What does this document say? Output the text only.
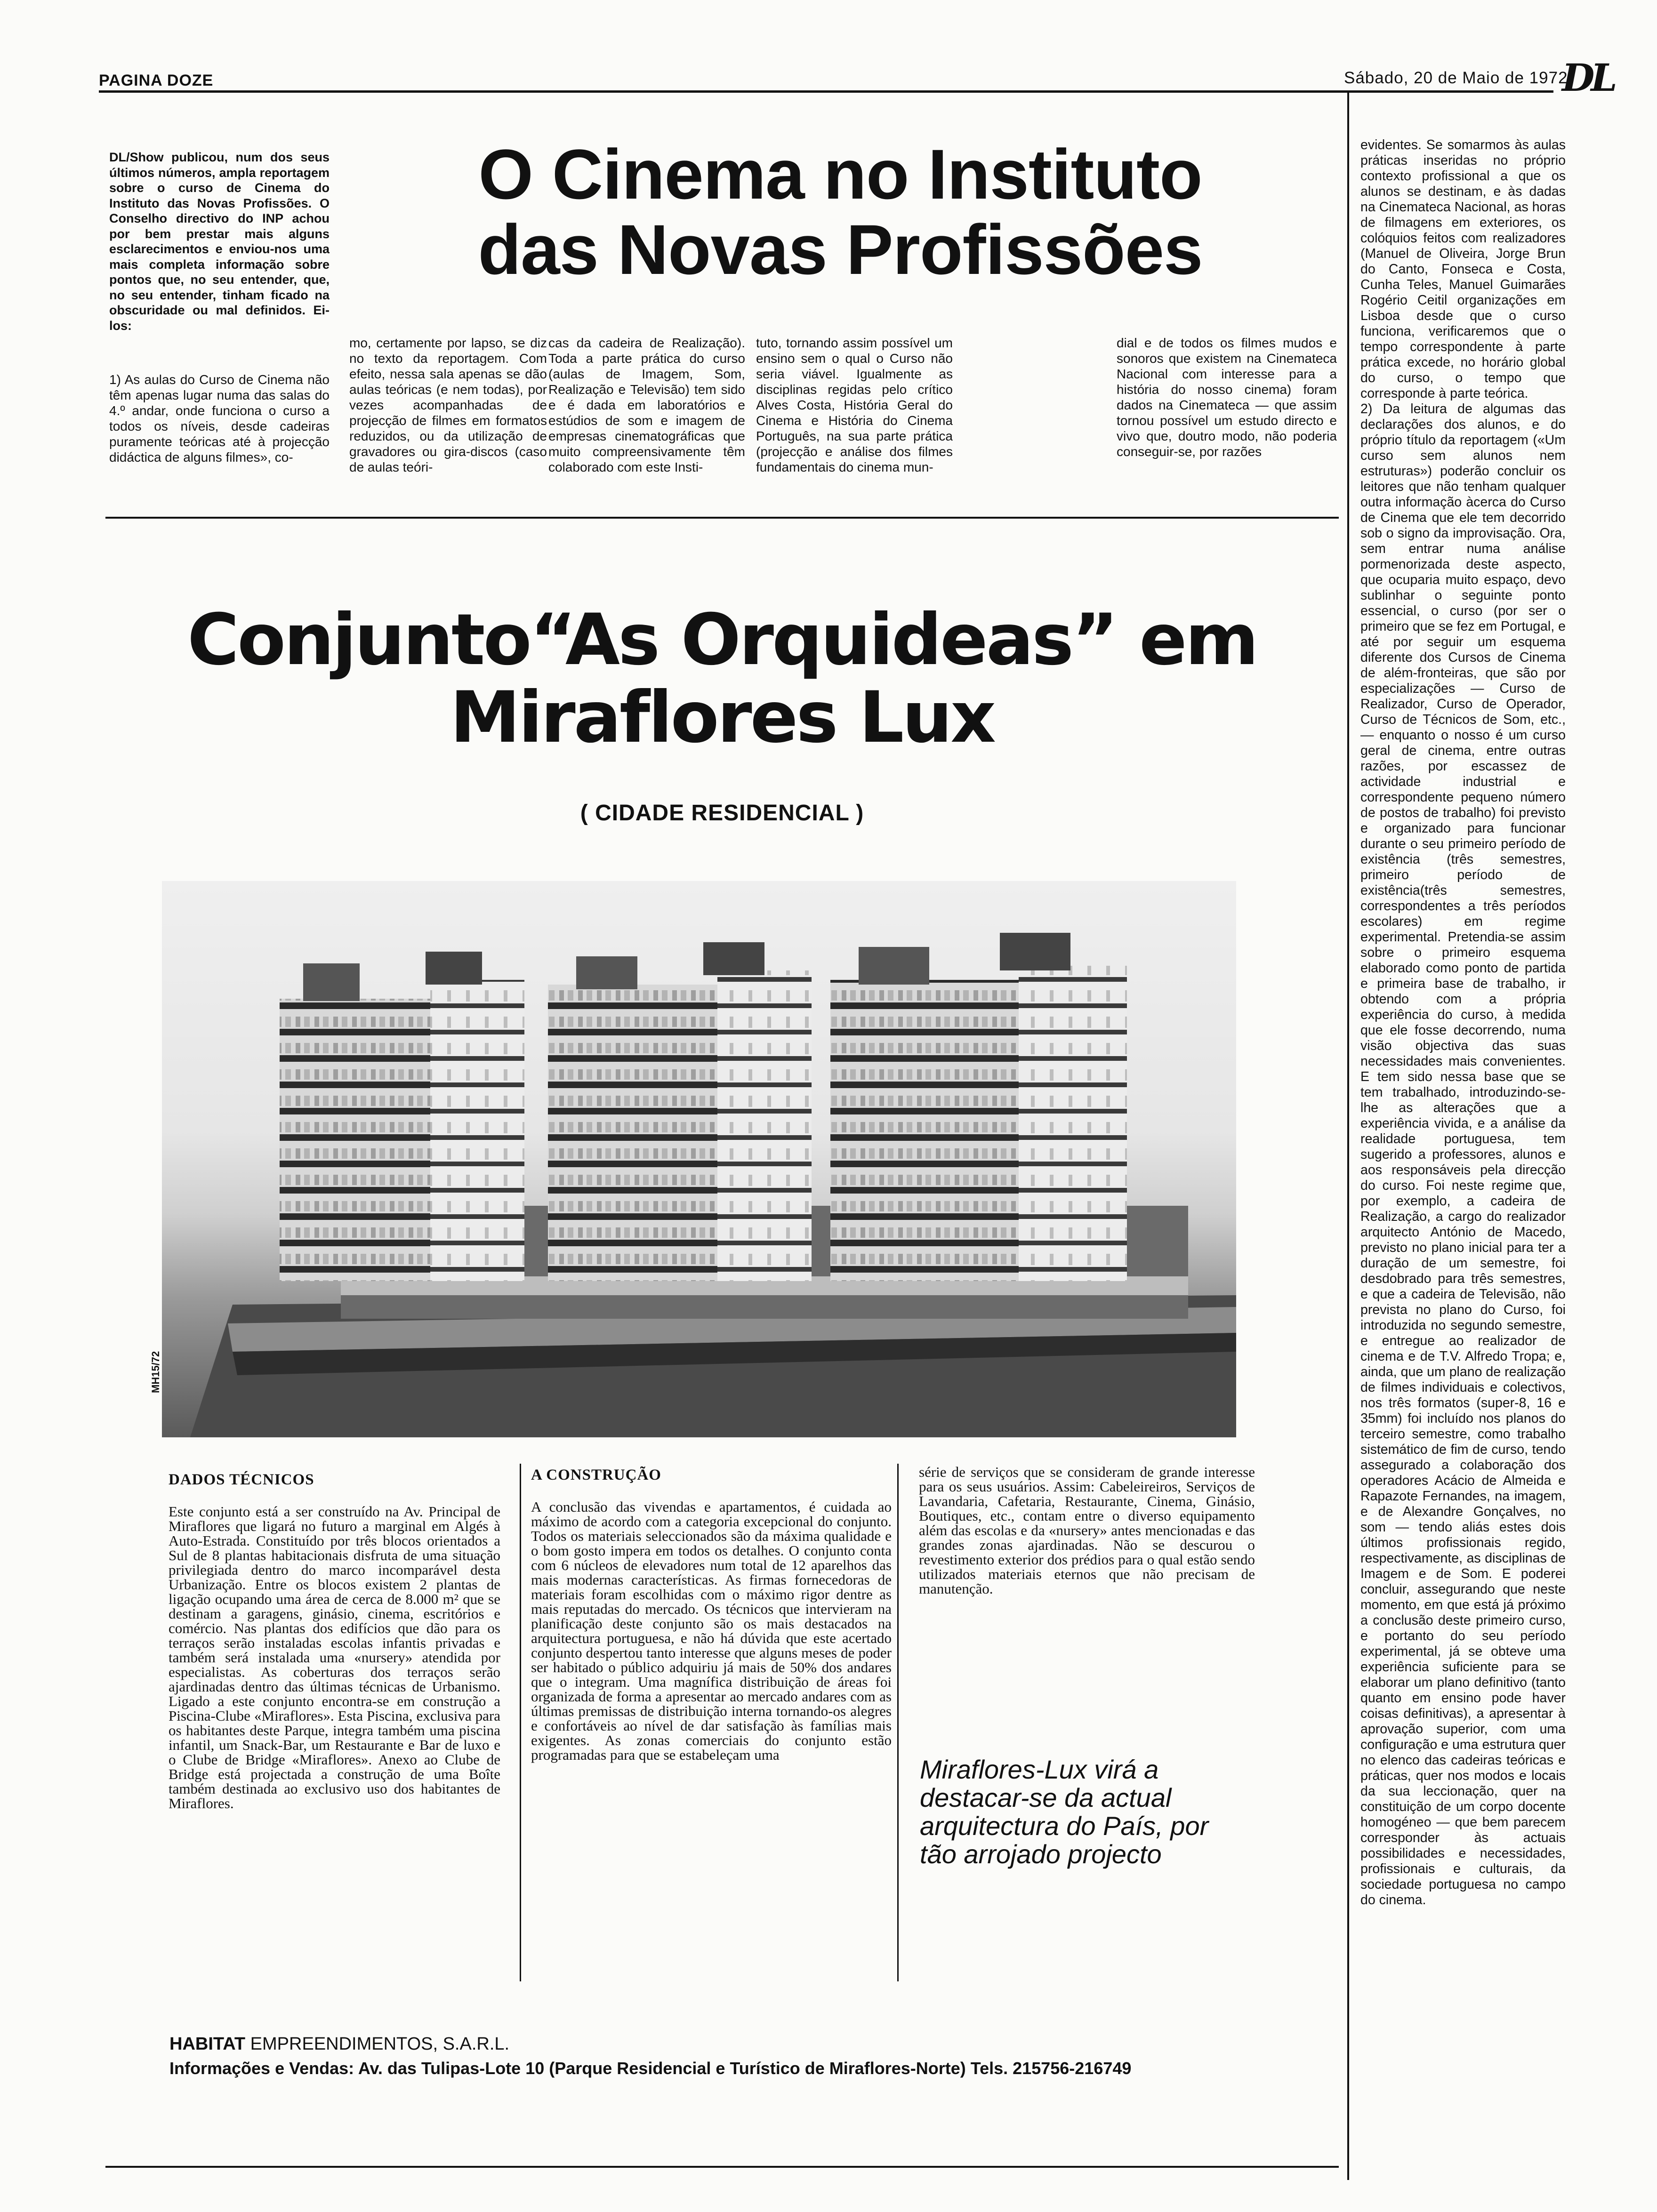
PAGINA DOZE	Sábado, 20 de Maio de 1972
DL
DL/Show publicou, num dos seus últimos números, ampla reportagem sobre o curso de Cinema do Instituto das Novas Profissões. O Conselho directivo do INP achou por bem prestar mais alguns esclarecimentos e enviou-nos uma mais completa informação sobre pontos que, no seu entender, que, no seu entender, tinham ficado na obscuridade ou mal definidos. Ei-los:
1) As aulas do Curso de Cinema não têm apenas lugar numa das salas do 4.º andar, onde funciona o curso a todos os níveis, desde cadeiras puramente teóricas até à projecção didáctica de alguns filmes», co-
O Cinema no Instituto
das Novas Profissões
mo, certamente por lapso, se diz no texto da reportagem. Com efeito, nessa sala apenas se dão aulas teóricas (e nem todas), por vezes acompanhadas de projecção de filmes em formatos reduzidos, ou da utilização de gravadores ou gira-discos (caso de aulas teóri-
cas da cadeira de Realização). Toda a parte prática do curso (aulas de Imagem, Som, Realização e Televisão) tem sido e é dada em laboratórios e estúdios de som e imagem de empresas cinematográficas que muito compreensivamente têm colaborado com este Insti-
tuto, tornando assim possível um ensino sem o qual o Curso não seria viável. Igualmente as disciplinas regidas pelo crítico Alves Costa, História Geral do Cinema e História do Cinema Português, na sua parte prática (projecção e análise dos filmes fundamentais do cinema mun-
dial e de todos os filmes mudos e sonoros que existem na Cinemateca Nacional com interesse para a história do nosso cinema) foram dados na Cinemateca — que assim tornou possível um estudo directo e vivo que, doutro modo, não poderia conseguir-se, por razões

evidentes. Se somarmos às aulas práticas inseridas no próprio contexto profissional a que os alunos se destinam, e às dadas na Cinemateca Nacional, as horas de filmagens em exteriores, os colóquios feitos com realizadores (Manuel de Oliveira, Jorge Brun do Canto, Fonseca e Costa, Cunha Teles, Manuel Guimarães Rogério Ceitil organizações em Lisboa desde que o curso funciona, verificaremos que o tempo correspondente à parte prática excede, no horário global do curso, o tempo que corresponde à parte teórica.

2) Da leitura de algumas das declarações dos alunos, e do próprio título da reportagem («Um curso sem alunos nem estruturas») poderão concluir os leitores que não tenham qualquer outra informação àcerca do Curso de Cinema que ele tem decorrido sob o signo da improvisação. Ora, sem entrar numa análise pormenorizada deste aspecto, que ocuparia muito espaço, devo sublinhar o seguinte ponto essencial, o curso (por ser o primeiro que se fez em Portugal, e até por seguir um esquema diferente dos Cursos de Cinema de além-fronteiras, que são por especializações — Curso de Realizador, Curso de Operador, Curso de Técnicos de Som, etc., — enquanto o nosso é um curso geral de cinema, entre outras razões, por escassez de actividade industrial e correspondente pequeno número de postos de trabalho) foi previsto e organizado para funcionar durante o seu primeiro período de existência (três semestres, primeiro período de existência(três semestres, correspondentes a três períodos escolares) em regime experimental. Pretendia-se assim sobre o primeiro esquema elaborado como ponto de partida e primeira base de trabalho, ir obtendo com a própria experiência do curso, à medida que ele fosse decorrendo, numa visão objectiva das suas necessidades mais convenientes. E tem sido nessa base que se tem trabalhado, introduzindo-se-lhe as alterações que a experiência vivida, e a análise da realidade portuguesa, tem sugerido a professores, alunos e aos responsáveis pela direcção do curso. Foi neste regime que, por exemplo, a cadeira de Realização, a cargo do realizador arquitecto António de Macedo, previsto no plano inicial para ter a duração de um semestre, foi desdobrado para três semestres, e que a cadeira de Televisão, não prevista no plano do Curso, foi introduzida no segundo semestre, e entregue ao realizador de cinema e de T.V. Alfredo Tropa; e, ainda, que um plano de realização de filmes individuais e colectivos, nos três formatos (super-8, 16 e 35mm) foi incluído nos planos do terceiro semestre, como trabalho sistemático de fim de curso, tendo assegurado a colaboração dos operadores Acácio de Almeida e Rapazote Fernandes, na imagem, e de Alexandre Gonçalves, no som — tendo aliás estes dois últimos profissionais regido, respectivamente, as disciplinas de Imagem e de Som. E poderei concluir, assegurando que neste momento, em que está já próximo a conclusão deste primeiro curso, e portanto do seu período experimental, já se obteve uma experiência suficiente para se elaborar um plano definitivo (tanto quanto em ensino pode haver coisas definitivas), a apresentar à aprovação superior, com uma configuração e uma estrutura quer no elenco das cadeiras teóricas e práticas, quer nos modos e locais da sua leccionação, quer na constituição de um corpo docente homogéneo — que bem parecem corresponder às actuais possibilidades e necessidades, profissionais e culturais, da sociedade portuguesa no campo do cinema.

Conjunto“As Orquideas” em
Miraflores Lux
( CIDADE RESIDENCIAL )
MH15/72
DADOS TÉCNICOS
Este conjunto está a ser construído na Av. Principal de Miraflores que ligará no futuro a marginal em Algés à Auto-Estrada. Constituído por três blocos orientados a Sul de 8 plantas habitacionais disfruta de uma situação privilegiada dentro do marco incomparável desta Urbanização. Entre os blocos existem 2 plantas de ligação ocupando uma área de cerca de 8.000 m² que se destinam a garagens, ginásio, cinema, escritórios e comércio. Nas plantas dos edifícios que dão para os terraços serão instaladas escolas infantis privadas e também será instalada uma «nursery» atendida por especialistas. As coberturas dos terraços serão ajardinadas dentro das últimas técnicas de Urbanismo. Ligado a este conjunto encontra-se em construção a Piscina-Clube «Miraflores». Esta Piscina, exclusiva para os habitantes deste Parque, integra também uma piscina infantil, um Snack-Bar, um Restaurante e Bar de luxo e o Clube de Bridge «Miraflores». Anexo ao Clube de Bridge está projectada a construção de uma Boîte também destinada ao exclusivo uso dos habitantes de Miraflores.
A CONSTRUÇÃO
A conclusão das vivendas e apartamentos, é cuidada ao máximo de acordo com a categoria excepcional do conjunto. Todos os materiais seleccionados são da máxima qualidade e o bom gosto impera em todos os detalhes. O conjunto conta com 6 núcleos de elevadores num total de 12 aparelhos das mais modernas características. As firmas fornecedoras de materiais foram escolhidas com o máximo rigor dentre as mais reputadas do mercado. Os técnicos que intervieram na planificação deste conjunto são os mais destacados na arquitectura portuguesa, e não há dúvida que este acertado conjunto despertou tanto interesse que alguns meses de poder ser habitado o público adquiriu já mais de 50% dos andares que o integram. Uma magnífica distribuição de áreas foi organizada de forma a apresentar ao mercado andares com as últimas premissas de distribuição interna tornando-os alegres e confortáveis ao nível de dar satisfação às famílias mais exigentes. As zonas comerciais do conjunto estão programadas para que se estabeleçam uma
série de serviços que se consideram de grande interesse para os seus usuários. Assim: Cabeleireiros, Serviços de Lavandaria, Cafetaria, Restaurante, Cinema, Ginásio, Boutiques, etc., contam entre o diverso equipamento além das escolas e da «nursery» antes mencionadas e das grandes zonas ajardinadas. Não se descurou o revestimento exterior dos prédios para o qual estão sendo utilizados materiais eternos que não precisam de manutenção.
Miraflores-Lux virá a destacar-se da actual arquitectura do País, por tão arrojado projecto
HABITAT EMPREENDIMENTOS, S.A.R.L.
Informações e Vendas: Av. das Tulipas-Lote 10 (Parque Residencial e Turístico de Miraflores-Norte) Tels. 215756-216749
